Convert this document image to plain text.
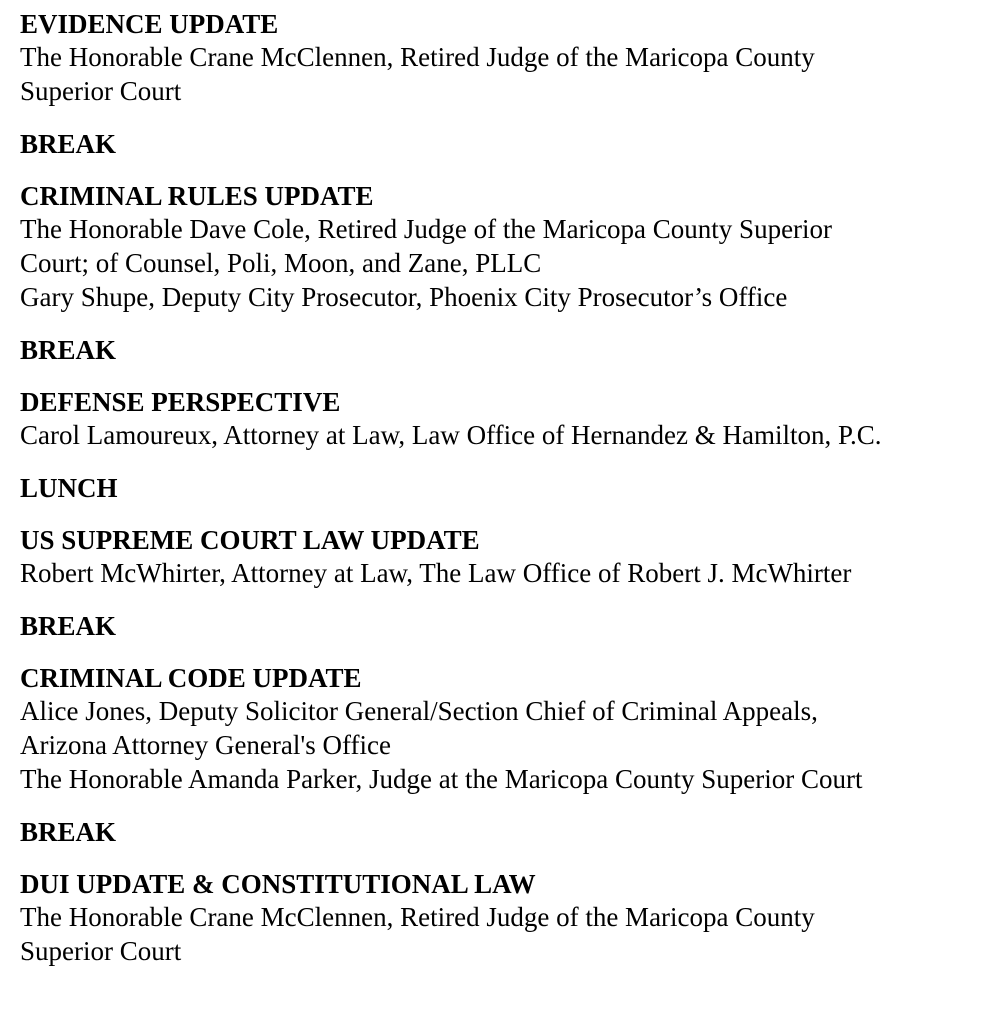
EVIDENCE UPDATE
The Honorable Crane McClennen, Retired Judge of the Maricopa County
Superior Court
BREAK
CRIMINAL RULES UPDATE
The Honorable Dave Cole, Retired Judge of the Maricopa County Superior
Court; of Counsel, Poli, Moon, and Zane, PLLC
Gary Shupe, Deputy City Prosecutor, Phoenix City Prosecutor’s Office
BREAK
DEFENSE PERSPECTIVE
Carol Lamoureux, Attorney at Law, Law Office of Hernandez & Hamilton, P.C.
LUNCH
US SUPREME COURT LAW UPDATE
Robert McWhirter, Attorney at Law, The Law Office of Robert J. McWhirter
BREAK
CRIMINAL CODE UPDATE
Alice Jones, Deputy Solicitor General/Section Chief of Criminal Appeals,
Arizona Attorney General's Office
The Honorable Amanda Parker, Judge at the Maricopa County Superior Court
BREAK
DUI UPDATE & CONSTITUTIONAL LAW
The Honorable Crane McClennen, Retired Judge of the Maricopa County
Superior Court
